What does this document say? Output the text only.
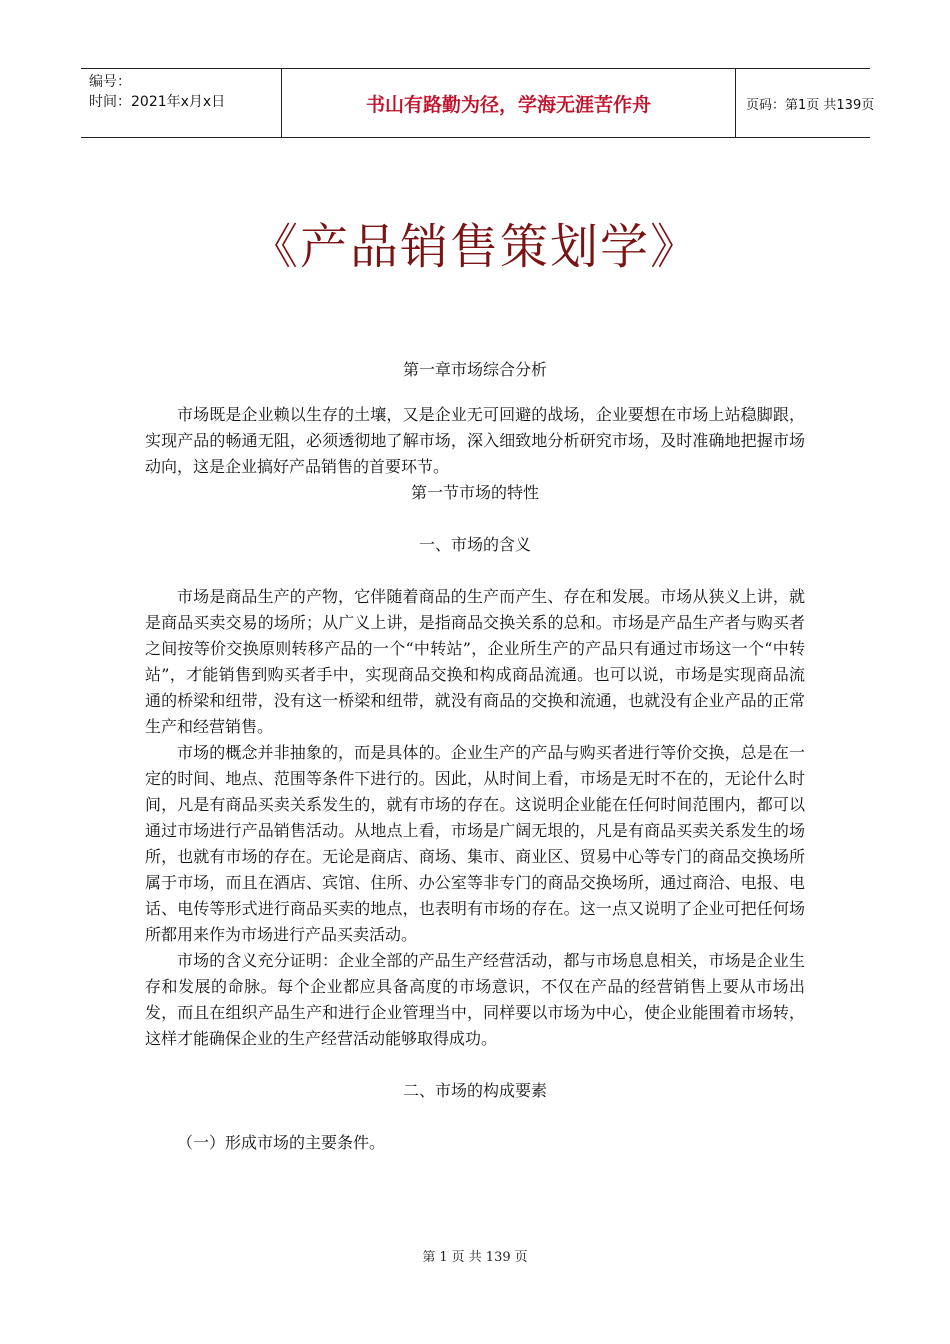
编号：
时间：2021年x月x日	书山有路勤为径，学海无涯苦作舟	页码：第1页 共139页
《产品销售策划学》

第一章市场综合分析

市场既是企业赖以生存的土壤，又是企业无可回避的战场，企业要想在市场上站稳脚跟，实现产品的畅通无阻，必须透彻地了解市场，深入细致地分析研究市场，及时准确地把握市场动向，这是企业搞好产品销售的首要环节。

第一节市场的特性

一、市场的含义

市场是商品生产的产物，它伴随着商品的生产而产生、存在和发展。市场从狭义上讲，就是商品买卖交易的场所；从广义上讲，是指商品交换关系的总和。市场是产品生产者与购买者之间按等价交换原则转移产品的一个“中转站”，企业所生产的产品只有通过市场这一个“中转站”，才能销售到购买者手中，实现商品交换和构成商品流通。也可以说，市场是实现商品流通的桥梁和纽带，没有这一桥梁和纽带，就没有商品的交换和流通，也就没有企业产品的正常生产和经营销售。

市场的概念并非抽象的，而是具体的。企业生产的产品与购买者进行等价交换，总是在一定的时间、地点、范围等条件下进行的。因此，从时间上看，市场是无时不在的，无论什么时间，凡是有商品买卖关系发生的，就有市场的存在。这说明企业能在任何时间范围内，都可以通过市场进行产品销售活动。从地点上看，市场是广阔无垠的，凡是有商品买卖关系发生的场所，也就有市场的存在。无论是商店、商场、集市、商业区、贸易中心等专门的商品交换场所属于市场，而且在酒店、宾馆、住所、办公室等非专门的商品交换场所，通过商洽、电报、电话、电传等形式进行商品买卖的地点，也表明有市场的存在。这一点又说明了企业可把任何场所都用来作为市场进行产品买卖活动。

市场的含义充分证明：企业全部的产品生产经营活动，都与市场息息相关，市场是企业生存和发展的命脉。每个企业都应具备高度的市场意识，不仅在产品的经营销售上要从市场出发，而且在组织产品生产和进行企业管理当中，同样要以市场为中心，使企业能围着市场转，这样才能确保企业的生产经营活动能够取得成功。

二、市场的构成要素

（一）形成市场的主要条件。

第 1 页 共 139 页
